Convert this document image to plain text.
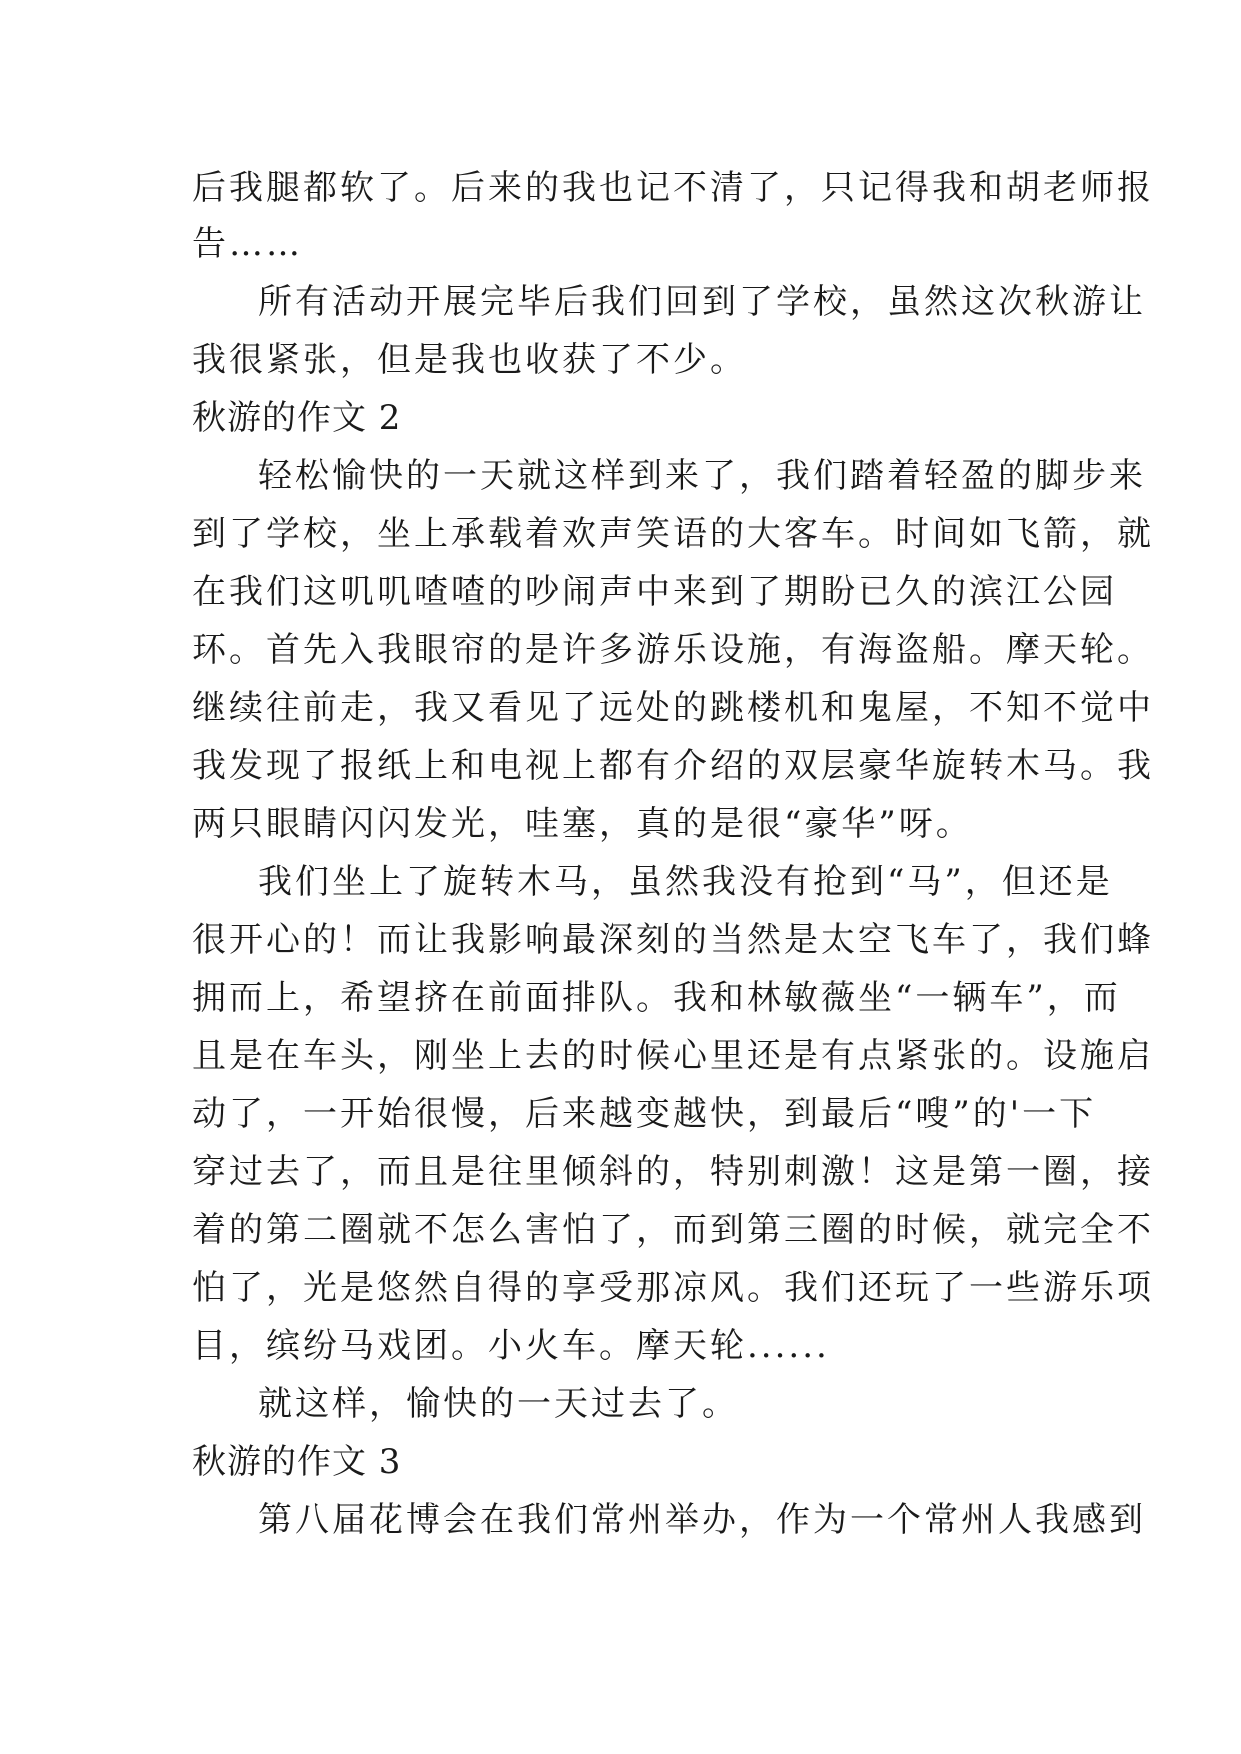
后我腿都软了。后来的我也记不清了，只记得我和胡老师报
告……
所有活动开展完毕后我们回到了学校，虽然这次秋游让
我很紧张，但是我也收获了不少。
秋游的作文 2
轻松愉快的一天就这样到来了，我们踏着轻盈的脚步来
到了学校，坐上承载着欢声笑语的大客车。时间如飞箭，就
在我们这叽叽喳喳的吵闹声中来到了期盼已久的滨江公园
环。首先入我眼帘的是许多游乐设施，有海盗船。摩天轮。
继续往前走，我又看见了远处的跳楼机和鬼屋，不知不觉中
我发现了报纸上和电视上都有介绍的双层豪华旋转木马。我
两只眼睛闪闪发光，哇塞，真的是很“豪华”呀。
我们坐上了旋转木马，虽然我没有抢到“马”，但还是
很开心的！而让我影响最深刻的当然是太空飞车了，我们蜂
拥而上，希望挤在前面排队。我和林敏薇坐“一辆车”，而
且是在车头，刚坐上去的时候心里还是有点紧张的。设施启
动了，一开始很慢，后来越变越快，到最后“嗖”的'一下
穿过去了，而且是往里倾斜的，特别刺激！这是第一圈，接
着的第二圈就不怎么害怕了，而到第三圈的时候，就完全不
怕了，光是悠然自得的享受那凉风。我们还玩了一些游乐项
目，缤纷马戏团。小火车。摩天轮......
就这样，愉快的一天过去了。
秋游的作文 3
第八届花博会在我们常州举办，作为一个常州人我感到
